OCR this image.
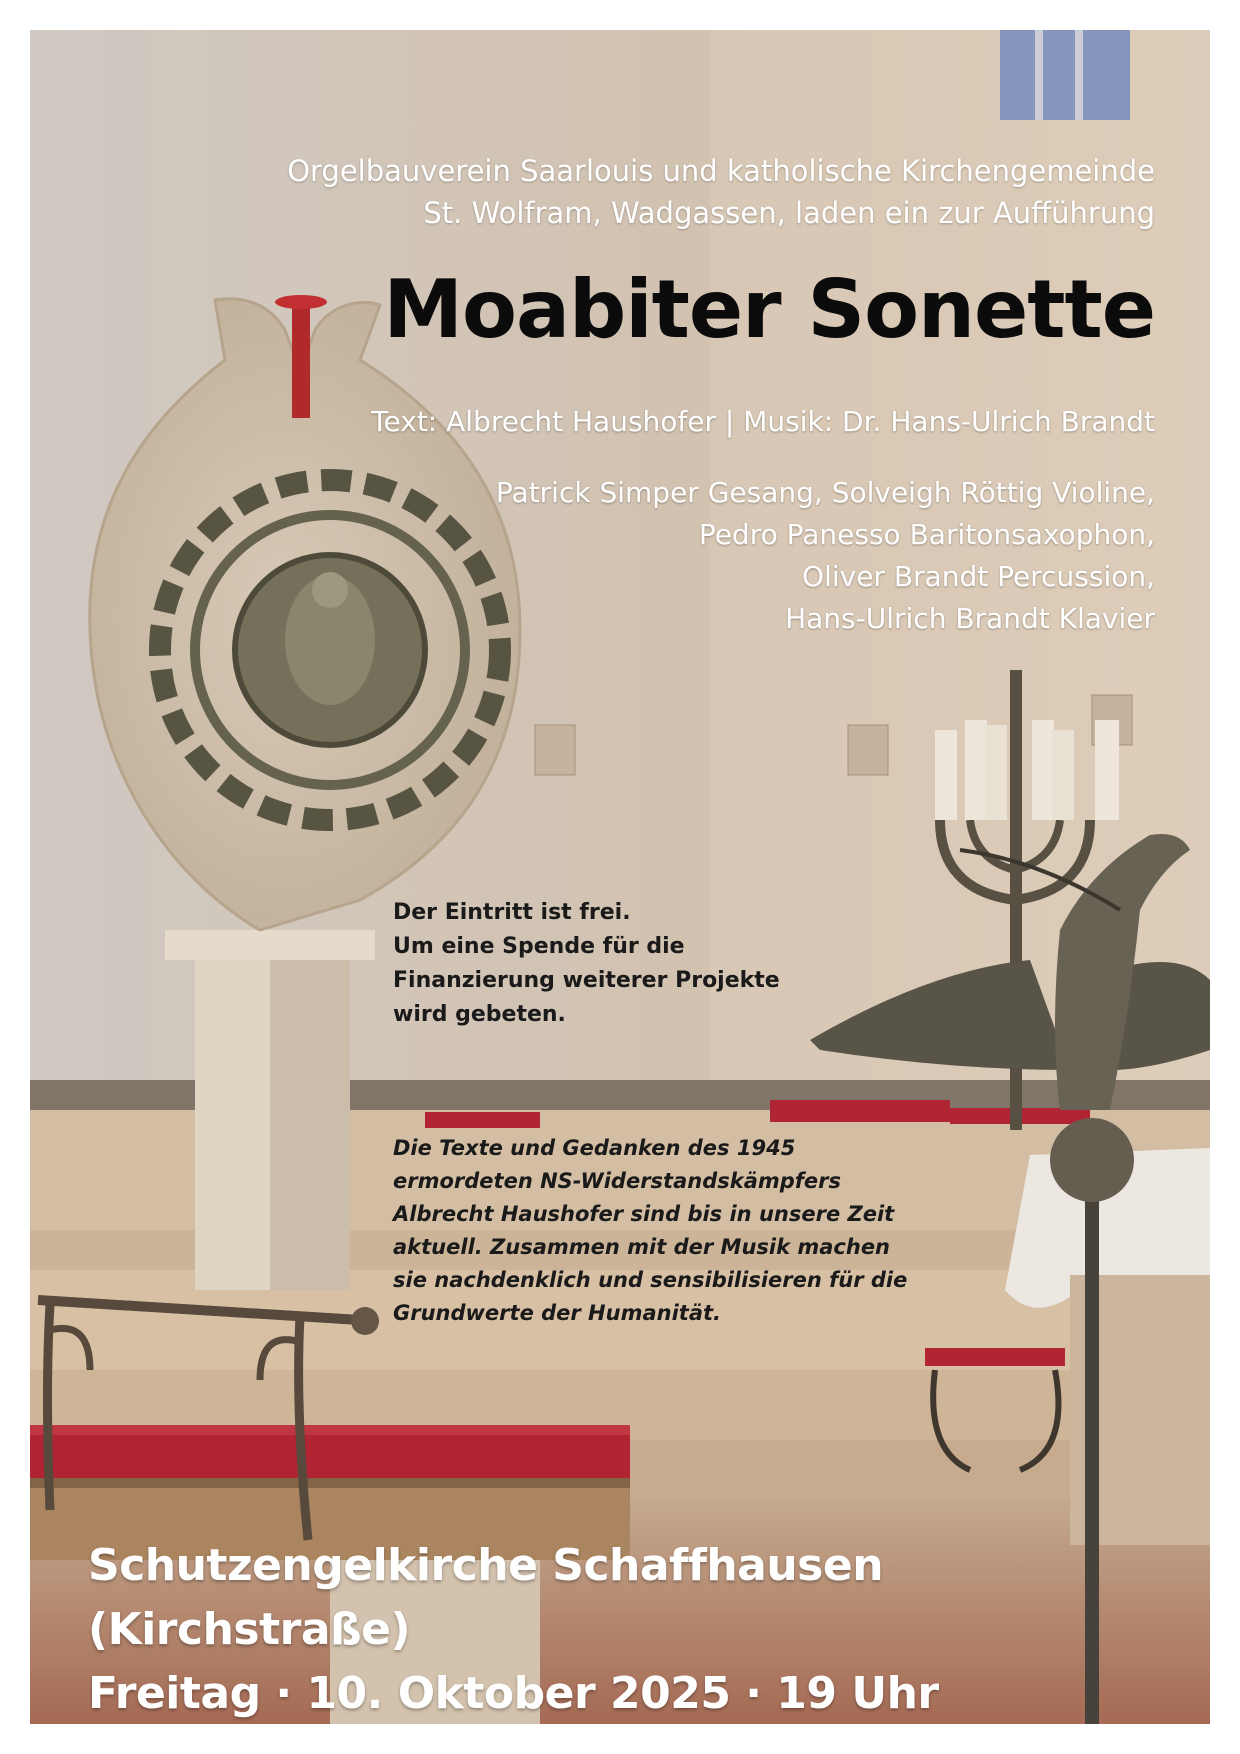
Orgelbauverein Saarlouis und katholische Kirchengemeinde
St. Wolfram, Wadgassen, laden ein zur Aufführung
Moabiter Sonette
Text: Albrecht Haushofer | Musik: Dr. Hans-Ulrich Brandt
Patrick Simper Gesang, Solveigh Röttig Violine,
Pedro Panesso Baritonsaxophon,
Oliver Brandt Percussion,
Hans-Ulrich Brandt Klavier
Der Eintritt ist frei.
Um eine Spende für die
Finanzierung weiterer Projekte
wird gebeten.
Die Texte und Gedanken des 1945
ermordeten NS-Widerstandskämpfers
Albrecht Haushofer sind bis in unsere Zeit
aktuell. Zusammen mit der Musik machen
sie nachdenklich und sensibilisieren für die
Grundwerte der Humanität.
Schutzengelkirche Schaffhausen (Kirchstraße)
Freitag · 10. Oktober 2025 · 19 Uhr
